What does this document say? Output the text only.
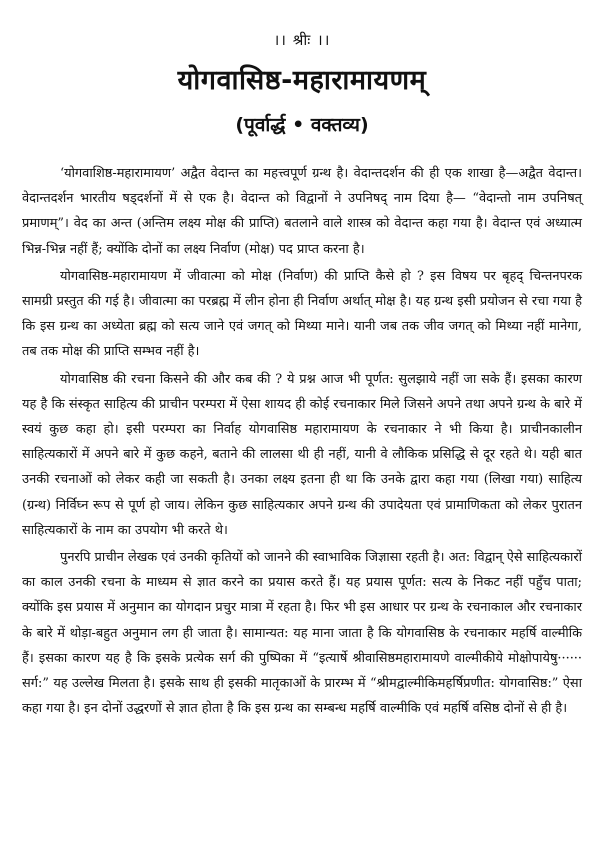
।। श्रीः ।।
योगवासिष्ठ-महारामायणम्
(पूर्वार्द्ध • वक्तव्य)

‘योगवाशिष्ठ-महारामायण’ अद्वैत वेदान्त का महत्त्वपूर्ण ग्रन्थ है। वेदान्तदर्शन की ही एक शाखा है—अद्वैत वेदान्त। वेदान्तदर्शन भारतीय षड्दर्शनों में से एक है। वेदान्त को विद्वानों ने उपनिषद् नाम दिया है— “वेदान्तो नाम उपनिषत् प्रमाणम्”। वेद का अन्त (अन्तिम लक्ष्य मोक्ष की प्राप्ति) बतलाने वाले शास्त्र को वेदान्त कहा गया है। वेदान्त एवं अध्यात्म भिन्न-भिन्न नहीं हैं; क्योंकि दोनों का लक्ष्य निर्वाण (मोक्ष) पद प्राप्त करना है।

योगवासिष्ठ-महारामायण में जीवात्मा को मोक्ष (निर्वाण) की प्राप्ति कैसे हो ? इस विषय पर बृहद् चिन्तनपरक सामग्री प्रस्तुत की गई है। जीवात्मा का परब्रह्म में लीन होना ही निर्वाण अर्थात् मोक्ष है। यह ग्रन्थ इसी प्रयोजन से रचा गया है कि इस ग्रन्थ का अध्येता ब्रह्म को सत्य जाने एवं जगत् को मिथ्या माने। यानी जब तक जीव जगत् को मिथ्या नहीं मानेगा, तब तक मोक्ष की प्राप्ति सम्भव नहीं है।

योगवासिष्ठ की रचना किसने की और कब की ? ये प्रश्न आज भी पूर्णत: सुलझाये नहीं जा सके हैं। इसका कारण यह है कि संस्कृत साहित्य की प्राचीन परम्परा में ऐसा शायद ही कोई रचनाकार मिले जिसने अपने तथा अपने ग्रन्थ के बारे में स्वयं कुछ कहा हो। इसी परम्परा का निर्वाह योगवासिष्ठ महारामायण के रचनाकार ने भी किया है। प्राचीनकालीन साहित्यकारों में अपने बारे में कुछ कहने, बताने की लालसा थी ही नहीं, यानी वे लौकिक प्रसिद्धि से दूर रहते थे। यही बात उनकी रचनाओं को लेकर कही जा सकती है। उनका लक्ष्य इतना ही था कि उनके द्वारा कहा गया (लिखा गया) साहित्य (ग्रन्थ) निर्विघ्न रूप से पूर्ण हो जाय। लेकिन कुछ साहित्यकार अपने ग्रन्थ की उपादेयता एवं प्रामाणिकता को लेकर पुरातन साहित्यकारों के नाम का उपयोग भी करते थे।

पुनरपि प्राचीन लेखक एवं उनकी कृतियों को जानने की स्वाभाविक जिज्ञासा रहती है। अत: विद्वान् ऐसे साहित्यकारों का काल उनकी रचना के माध्यम से ज्ञात करने का प्रयास करते हैं। यह प्रयास पूर्णत: सत्य के निकट नहीं पहुँच पाता; क्योंकि इस प्रयास में अनुमान का योगदान प्रचुर मात्रा में रहता है। फिर भी इस आधार पर ग्रन्थ के रचनाकाल और रचनाकार के बारे में थोड़ा-बहुत अनुमान लग ही जाता है। सामान्यत: यह माना जाता है कि योगवासिष्ठ के रचनाकार महर्षि वाल्मीकि हैं। इसका कारण यह है कि इसके प्रत्येक सर्ग की पुष्पिका में “इत्यार्षे श्रीवासिष्ठमहारामायणे वाल्मीकीये मोक्षोपायेषु······ सर्ग:” यह उल्लेख मिलता है। इसके साथ ही इसकी मातृकाओं के प्रारम्भ में “श्रीमद्वाल्मीकिमहर्षिप्रणीत: योगवासिष्ठ:” ऐसा कहा गया है। इन दोनों उद्धरणों से ज्ञात होता है कि इस ग्रन्थ का सम्बन्ध महर्षि वाल्मीकि एवं महर्षि वसिष्ठ दोनों से ही है।
